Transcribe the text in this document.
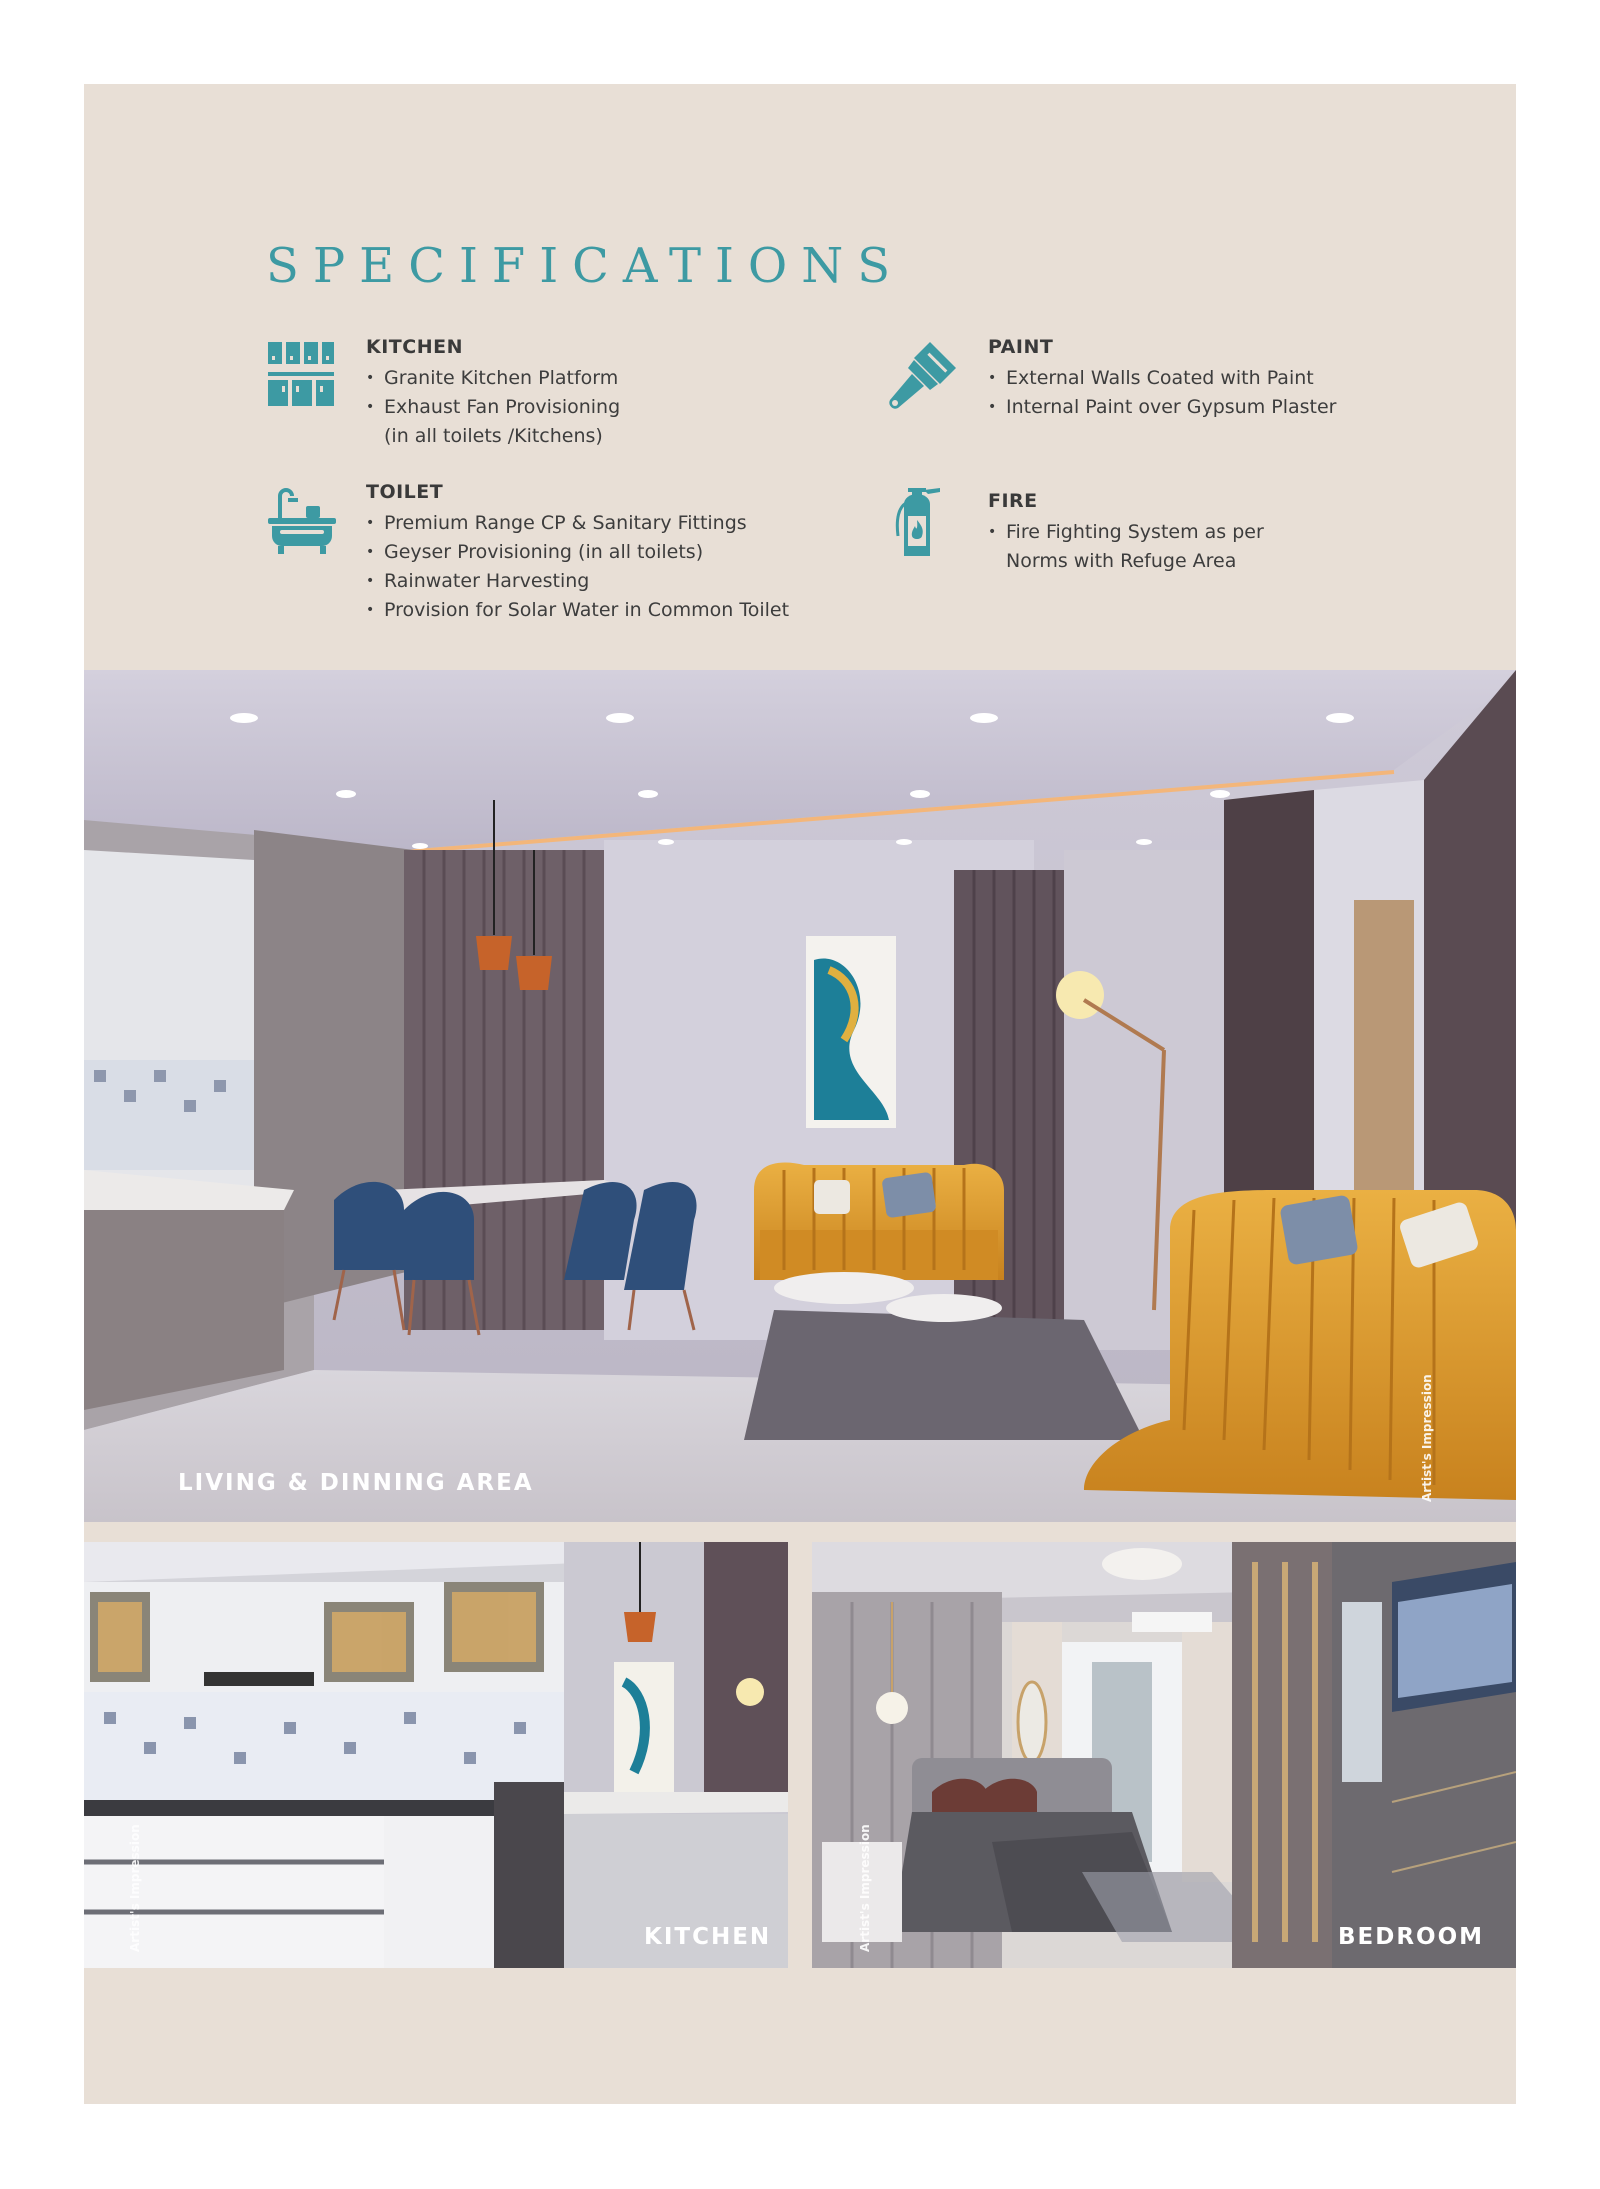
SPECIFICATIONS
KITCHEN
• Granite Kitchen Platform
• Exhaust Fan Provisioning
(in all toilets /Kitchens)
TOILET
• Premium Range CP & Sanitary Fittings
• Geyser Provisioning (in all toilets)
• Rainwater Harvesting
• Provision for Solar Water in Common Toilet
PAINT
• External Walls Coated with Paint
• Internal Paint over Gypsum Plaster
FIRE
• Fire Fighting System as per
Norms with Refuge Area
LIVING & DINNING AREA	Artist's Impression
KITCHEN
Artist's Impression	BEDROOM
Artist's Impression
